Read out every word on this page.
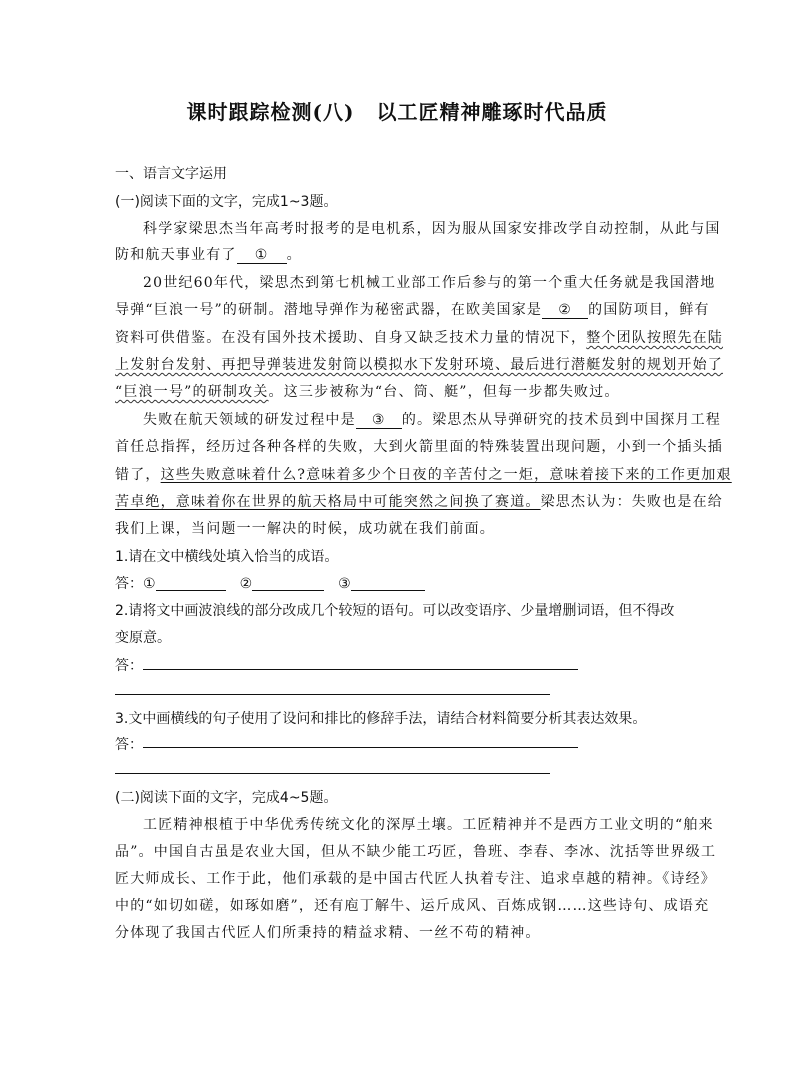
课时跟踪检测(八) 以工匠精神雕琢时代品质
一、语言文字运用
(一)阅读下面的文字，完成1~3题。
科学家梁思杰当年高考时报考的是电机系，因为服从国家安排改学自动控制，从此与国
防和航天事业有了 ① 。
20世纪60年代，梁思杰到第七机械工业部工作后参与的第一个重大任务就是我国潜地
导弹“巨浪一号”的研制。潜地导弹作为秘密武器，在欧美国家是 ② 的国防项目，鲜有
资料可供借鉴。在没有国外技术援助、自身又缺乏技术力量的情况下，整个团队按照先在陆
上发射台发射、再把导弹装进发射筒以模拟水下发射环境、最后进行潜艇发射的规划开始了
“巨浪一号”的研制攻关。这三步被称为“台、筒、艇”，但每一步都失败过。
失败在航天领域的研发过程中是 ③ 的。梁思杰从导弹研究的技术员到中国探月工程
首任总指挥，经历过各种各样的失败，大到火箭里面的特殊装置出现问题，小到一个插头插
错了，这些失败意味着什么?意味着多少个日夜的辛苦付之一炬，意味着接下来的工作更加艰
苦卓绝，意味着你在世界的航天格局中可能突然之间换了赛道。梁思杰认为：失败也是在给
我们上课，当问题一一解决的时候，成功就在我们前面。
1.请在文中横线处填入恰当的成语。
答：①	②	③
2.请将文中画波浪线的部分改成几个较短的语句。可以改变语序、少量增删词语，但不得改
变原意。
答：
3.文中画横线的句子使用了设问和排比的修辞手法，请结合材料简要分析其表达效果。
答：
(二)阅读下面的文字，完成4~5题。
工匠精神根植于中华优秀传统文化的深厚土壤。工匠精神并不是西方工业文明的“舶来
品”。中国自古虽是农业大国，但从不缺少能工巧匠，鲁班、李春、李冰、沈括等世界级工
匠大师成长、工作于此，他们承载的是中国古代匠人执着专注、追求卓越的精神。《诗经》
中的“如切如磋，如琢如磨”，还有庖丁解牛、运斤成风、百炼成钢……这些诗句、成语充
分体现了我国古代匠人们所秉持的精益求精、一丝不苟的精神。
